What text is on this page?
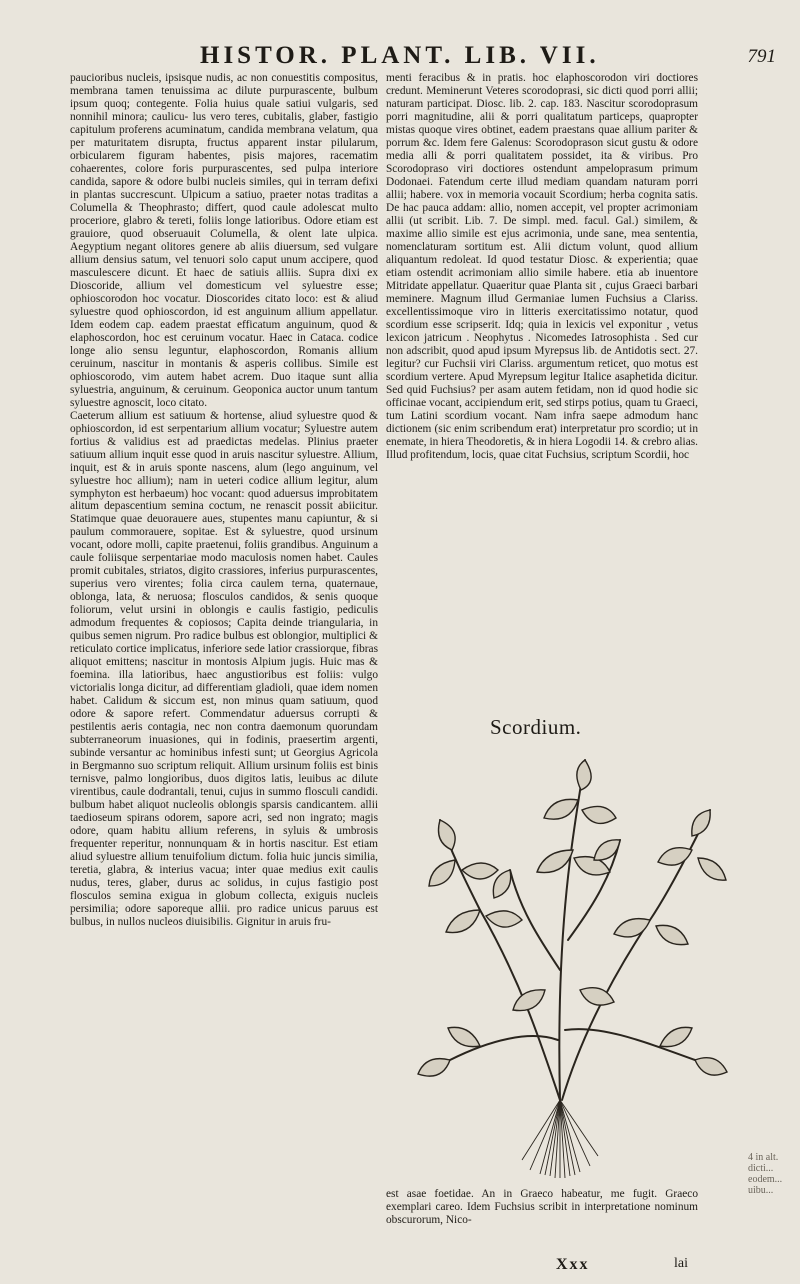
HISTOR. PLANT. LIB. VII.	791

paucioribus nucleis, ipsisque nudis, ac non conuestitis compositus, membrana tamen tenuissima ac dilute purpurascente, bulbum ipsum quoq; contegente. Folia huius quale satiui vulgaris, sed nonnihil minora; caulicu- lus vero teres, cubitalis, glaber, fastigio capitulum proferens acuminatum, candida membrana velatum, qua per maturitatem disrupta, fructus apparent instar pilularum, orbicularem figuram habentes, pisis majores, racematim cohaerentes, colore foris purpurascentes, sed pulpa interiore candida, sapore & odore bulbi nucleis similes, qui in terram defixi in plantas succrescunt. Ulpicum a satiuo, praeter notas traditas a Columella & Theophrasto; differt, quod caule adolescat multo proceriore, glabro & tereti, foliis longe latioribus. Odore etiam est grauiore, quod obseruauit Columella, & olent late ulpica. Aegyptium negant olitores genere ab aliis diuersum, sed vulgare allium densius satum, vel tenuori solo caput unum accipere, quod masculescere dicunt. Et haec de satiuis alliis. Supra dixi ex Dioscoride, allium vel domesticum vel syluestre esse; ophioscorodon hoc vocatur. Dioscorides citato loco: est & aliud syluestre quod ophioscordon, id est anguinum allium appellatur. Idem eodem cap. eadem praestat efficatum anguinum, quod & elaphoscordon, hoc est ceruinum vocatur. Haec in Cataca. codice longe alio sensu leguntur, elaphoscordon, Romanis allium ceruinum, nascitur in montanis & asperis collibus. Simile est ophioscorodo, vim autem habet acrem. Duo itaque sunt allia syluestria, anguinum, & ceruinum. Geoponica auctor unum tantum syluestre agnoscit, loco citato.

Caeterum allium est satiuum & hortense, aliud syluestre quod & ophioscordon, id est serpentarium allium vocatur; Syluestre autem fortius & validius est ad praedictas medelas. Plinius praeter satiuum allium inquit esse quod in aruis nascitur syluestre. Allium, inquit, est & in aruis sponte nascens, alum (lego anguinum, vel syluestre hoc allium); nam in ueteri codice allium legitur, alum symphyton est herbaeum) hoc vocant: quod aduersus improbitatem alitum depascentium semina coctum, ne renascit possit abiicitur. Statimque quae deuorauere aues, stupentes manu capiuntur, & si paulum commorauere, sopitae. Est & syluestre, quod ursinum vocant, odore molli, capite praetenui, foliis grandibus. Anguinum a caule foliisque serpentariae modo maculosis nomen habet. Caules promit cubitales, striatos, digito crassiores, inferius purpurascentes, superius vero virentes; folia circa caulem terna, quaternaue, oblonga, lata, & neruosa; flosculos candidos, & senis quoque foliorum, velut ursini in oblongis e caulis fastigio, pediculis admodum frequentes & copiosos; Capita deinde triangularia, in quibus semen nigrum. Pro radice bulbus est oblongior, multiplici & reticulato cortice implicatus, inferiore sede latior crassiorque, fibras aliquot emittens; nascitur in montosis Alpium jugis. Huic mas & foemina. illa latioribus, haec angustioribus est foliis: vulgo victorialis longa dicitur, ad differentiam gladioli, quae idem nomen habet. Calidum & siccum est, non minus quam satiuum, quod odore & sapore refert. Commendatur aduersus corrupti & pestilentis aeris contagia, nec non contra daemonum quorundam subterraneorum inuasiones, qui in fodinis, praesertim argenti, subinde versantur ac hominibus infesti sunt; ut Georgius Agricola in Bergmanno suo scriptum reliquit. Allium ursinum foliis est binis ternisve, palmo longioribus, duos digitos latis, leuibus ac dilute virentibus, caule dodrantali, tenui, cujus in summo flosculi candidi. bulbum habet aliquot nucleolis oblongis sparsis candicantem. allii taedioseum spirans odorem, sapore acri, sed non ingrato; magis odore, quam habitu allium referens, in syluis & umbrosis frequenter reperitur, nonnunquam & in hortis nascitur. Est etiam aliud syluestre allium tenuifolium dictum. folia huic juncis similia, teretia, glabra, & interius vacua; inter quae medius exit caulis nudus, teres, glaber, durus ac solidus, in cujus fastigio post flosculos semina exigua in globum collecta, exiguis nucleis persimilia; odore saporeque allii. pro radice unicus paruus est bulbus, in nullos nucleos diuisibilis. Gignitur in aruis fru-

menti feracibus & in pratis. hoc elaphoscorodon viri doctiores credunt. Meminerunt Veteres scorodoprasi, sic dicti quod porri allii; naturam participat. Diosc. lib. 2. cap. 183. Nascitur scorodoprasum porri magnitudine, alii & porri qualitatum particeps, quapropter mistas quoque vires obtinet, eadem praestans quae allium pariter & porrum &c. Idem fere Galenus: Scorodoprason sicut gustu & odore media alli & porri qualitatem possidet, ita & viribus. Pro Scorodopraso viri doctiores ostendunt ampeloprasum primum Dodonaei. Fatendum certe illud mediam quandam naturam porri allii; habere. vox in memoria vocauit Scordium; herba cognita satis. De hac pauca addam: allio, nomen accepit, vel propter acrimoniam allii (ut scribit. Lib. 7. De simpl. med. facul. Gal.) similem, & maxime allio simile est ejus acrimonia, unde sane, mea sententia, nomenclaturam sortitum est. Alii dictum volunt, quod allium aliquantum redoleat. Id quod testatur Diosc. & experientia; quae etiam ostendit acrimoniam allio simile habere. etia ab inuentore Mitridate appellatur. Quaeritur quae Planta sit , cujus Graeci barbari meminere. Magnum illud Germaniae lumen Fuchsius a Clariss. excellentissimoque viro in litteris exercitatissimo notatur, quod scordium esse scripserit. Idq; quia in lexicis vel exponitur , vetus lexicon jatricum . Neophytus . Nicomedes Iatrosophista . Sed cur non adscribit, quod apud ipsum Myrepsus lib. de Antidotis sect. 27. legitur? cur Fuchsii viri Clariss. argumentum reticet, quo motus est scordium vertere. Apud Myrepsum legitur Italice asaphetida dicitur. Sed quid Fuchsius? per asam autem fetidam, non id quod hodie sic officinae vocant, accipiendum erit, sed stirps potius, quam tu Graeci, tum Latini scordium vocant. Nam infra saepe admodum hanc dictionem (sic enim scribendum erat) interpretatur pro scordio; ut in enemate, in hiera Theodoretis, & in hiera Logodii 14. & crebro alias. Illud profitendum, locis, quae citat Fuchsius, scriptum Scordii, hoc

Scordium.

est asae foetidae. An in Graeco habeatur, me fugit. Graeco exemplari careo. Idem Fuchsius scribit in interpretatione nominum obscurorum, Nico-

4 in alt. dicti... eodem... uibu...
Xxx	lai
